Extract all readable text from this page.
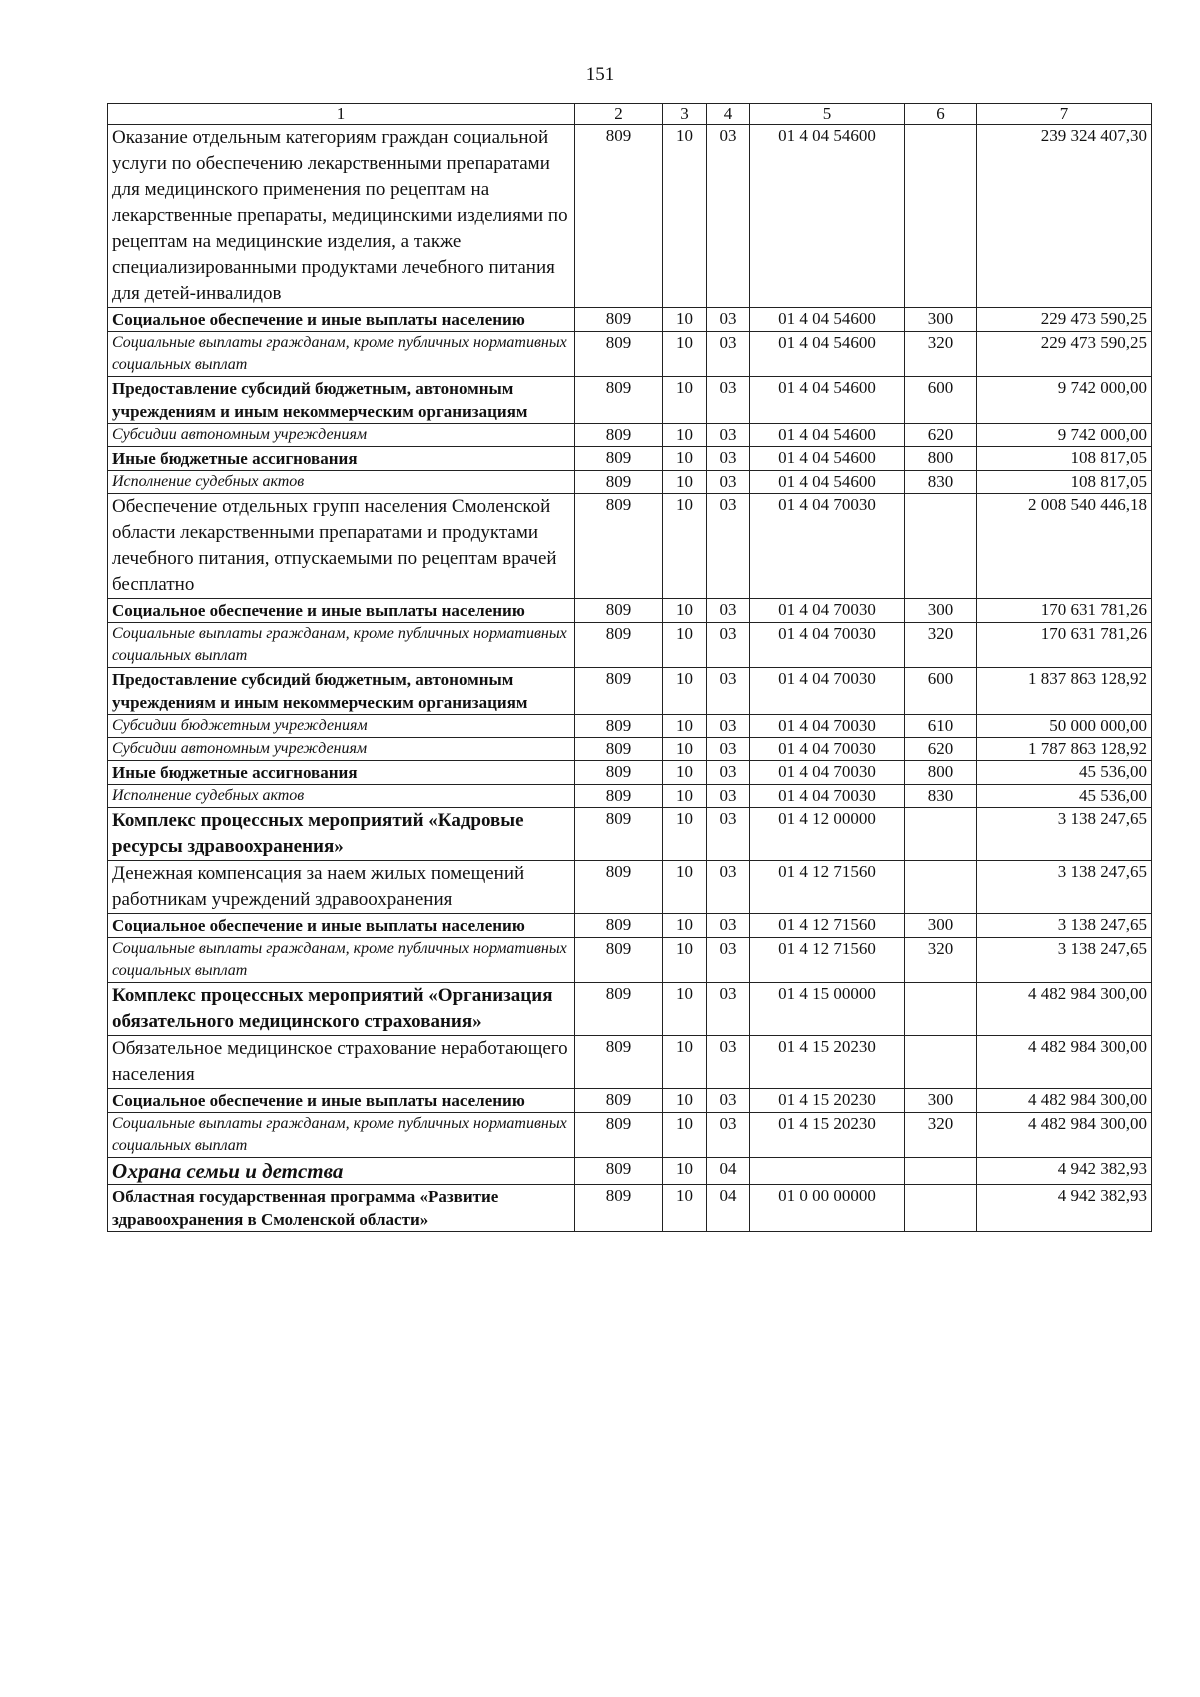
151
1	2	3	4	5	6	7
Оказание отдельным категориям граждан социальной услуги по обеспечению лекарственными препаратами для медицинского применения по рецептам на лекарственные препараты, медицинскими изделиями по рецептам на медицинские изделия, а также специализированными продуктами лечебного питания для детей-инвалидов	809	10	03	01 4 04 54600		239 324 407,30
Социальное обеспечение и иные выплаты населению	809	10	03	01 4 04 54600	300	229 473 590,25
Социальные выплаты гражданам, кроме публичных нормативных социальных выплат	809	10	03	01 4 04 54600	320	229 473 590,25
Предоставление субсидий бюджетным, автономным учреждениям и иным некоммерческим организациям	809	10	03	01 4 04 54600	600	9 742 000,00
Субсидии автономным учреждениям	809	10	03	01 4 04 54600	620	9 742 000,00
Иные бюджетные ассигнования	809	10	03	01 4 04 54600	800	108 817,05
Исполнение судебных актов	809	10	03	01 4 04 54600	830	108 817,05
Обеспечение отдельных групп населения Смоленской области лекарственными препаратами и продуктами лечебного питания, отпускаемыми по рецептам врачей бесплатно	809	10	03	01 4 04 70030		2 008 540 446,18
Социальное обеспечение и иные выплаты населению	809	10	03	01 4 04 70030	300	170 631 781,26
Социальные выплаты гражданам, кроме публичных нормативных социальных выплат	809	10	03	01 4 04 70030	320	170 631 781,26
Предоставление субсидий бюджетным, автономным учреждениям и иным некоммерческим организациям	809	10	03	01 4 04 70030	600	1 837 863 128,92
Субсидии бюджетным учреждениям	809	10	03	01 4 04 70030	610	50 000 000,00
Субсидии автономным учреждениям	809	10	03	01 4 04 70030	620	1 787 863 128,92
Иные бюджетные ассигнования	809	10	03	01 4 04 70030	800	45 536,00
Исполнение судебных актов	809	10	03	01 4 04 70030	830	45 536,00
Комплекс процессных мероприятий «Кадровые ресурсы здравоохранения»	809	10	03	01 4 12 00000		3 138 247,65
Денежная компенсация за наем жилых помещений работникам учреждений здравоохранения	809	10	03	01 4 12 71560		3 138 247,65
Социальное обеспечение и иные выплаты населению	809	10	03	01 4 12 71560	300	3 138 247,65
Социальные выплаты гражданам, кроме публичных нормативных социальных выплат	809	10	03	01 4 12 71560	320	3 138 247,65
Комплекс процессных мероприятий «Организация обязательного медицинского страхования»	809	10	03	01 4 15 00000		4 482 984 300,00
Обязательное медицинское страхование неработающего населения	809	10	03	01 4 15 20230		4 482 984 300,00
Социальное обеспечение и иные выплаты населению	809	10	03	01 4 15 20230	300	4 482 984 300,00
Социальные выплаты гражданам, кроме публичных нормативных социальных выплат	809	10	03	01 4 15 20230	320	4 482 984 300,00
Охрана семьи и детства	809	10	04			4 942 382,93
Областная государственная программа «Развитие здравоохранения в Смоленской области»	809	10	04	01 0 00 00000		4 942 382,93
